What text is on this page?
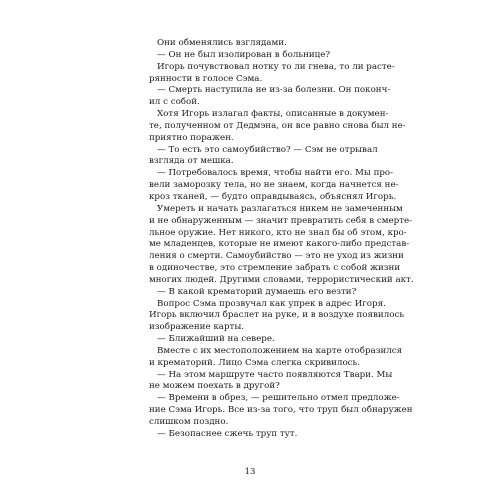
Они обменялись взглядами.
— Он не был изолирован в больнице?
Игорь почувствовал нотку то ли гнева, то ли расте-
рянности в голосе Сэма.
— Смерть наступила не из-за болезни. Он поконч-
ил с собой.
Хотя Игорь излагал факты, описанные в докумен-
те, полученном от Дедмэна, он все равно снова был не-
приятно поражен.
— То есть это самоубийство? — Сэм не отрывал
взгляда от мешка.
— Потребовалось время, чтобы найти его. Мы про-
вели заморозку тела, но не знаем, когда начнется не-
кроз тканей, — будто оправдываясь, объяснял Игорь.
Умереть и начать разлагаться никем не замеченным
и не обнаруженным — значит превратить себя в смерте-
льное оружие. Нет никого, кто не знал бы об этом, кро-
ме младенцев, которые не имеют какого-либо представ-
ления о смерти. Самоубийство — это не уход из жизни
в одиночестве, это стремление забрать с собой жизни
многих людей. Другими словами, террористический акт.
— В какой крематорий думаешь его везти?
Вопрос Сэма прозвучал как упрек в адрес Игоря.
Игорь включил браслет на руке, и в воздухе появилось
изображение карты.
— Ближайший на севере.
Вместе с их местоположением на карте отобразился
и крематорий. Лицо Сэма слегка скривилось.
— На этом маршруте часто появляются Твари. Мы
не можем поехать в другой?
— Времени в обрез, — решительно отмел предложе-
ние Сэма Игорь. Все из-за того, что труп был обнаружен
слишком поздно.
— Безопаснее сжечь труп тут.
13
